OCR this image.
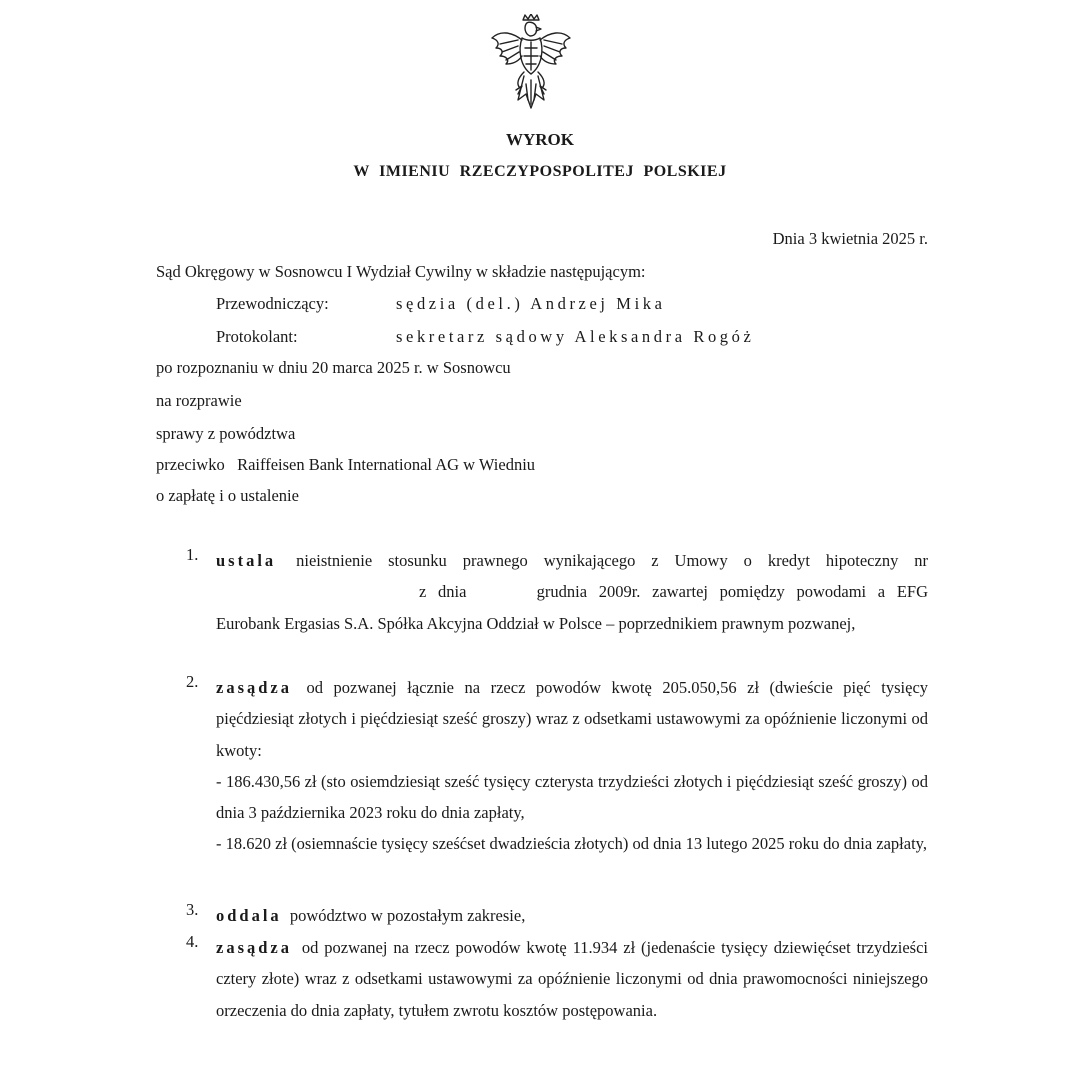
WYROK
W IMIENIU RZECZYPOSPOLITEJ POLSKIEJ
Dnia 3 kwietnia 2025 r.
Sąd Okręgowy w Sosnowcu I Wydział Cywilny w składzie następującym:
Przewodniczący:	sędzia (del.) Andrzej Mika
Protokolant:	sekretarz sądowy Aleksandra Rogóż
po rozpoznaniu w dniu 20 marca 2025 r. w Sosnowcu
na rozprawie
sprawy z powództwa
przeciwko Raiffeisen Bank International AG w Wiedniu
o zapłatę i o ustalenie
1. ustala nieistnienie stosunku prawnego wynikającego z Umowy o kredyt hipoteczny nr

z dnia      grudnia 2009r. zawartej pomiędzy powodami a EFG

Eurobank Ergasias S.A. Spółka Akcyjna Oddział w Polsce – poprzednikiem prawnym pozwanej,

2. zasądza od pozwanej łącznie na rzecz powodów kwotę 205.050,56 zł (dwieście pięć tysięcy pięćdziesiąt złotych i pięćdziesiąt sześć groszy) wraz z odsetkami ustawowymi za opóźnienie liczonymi od kwoty:

- 186.430,56 zł (sto osiemdziesiąt sześć tysięcy czterysta trzydzieści złotych i pięćdziesiąt sześć groszy) od dnia 3 października 2023 roku do dnia zapłaty,

- 18.620 zł (osiemnaście tysięcy sześćset dwadzieścia złotych) od dnia 13 lutego 2025 roku do dnia zapłaty,

3. oddala powództwo w pozostałym zakresie,

4. zasądza od pozwanej na rzecz powodów kwotę 11.934 zł (jedenaście tysięcy dziewięćset trzydzieści cztery złote) wraz z odsetkami ustawowymi za opóźnienie liczonymi od dnia prawomocności niniejszego orzeczenia do dnia zapłaty, tytułem zwrotu kosztów postępowania.
